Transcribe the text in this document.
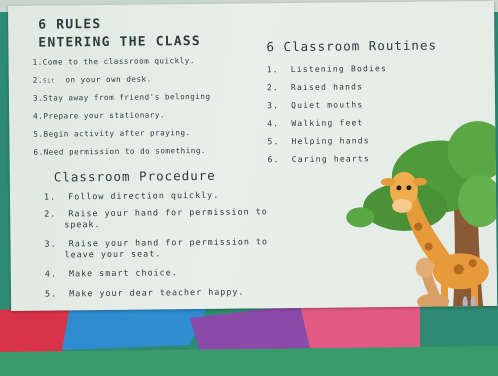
6 RULES
ENTERING THE CLASS
1.Come to the classroom quickly.
2.Sit on your own desk.
3.Stay away from friend's belonging
4.Prepare your stationary.
5.Begin activity after praying.
6.Need permission to do something.
6 Classroom Routines
1. Listening Bodies
2. Raised hands
3. Quiet mouths
4. Walking feet
5. Helping hands
6. Caring hearts
Classroom Procedure
1. Follow direction quickly.
2. Raise your hand for permission to
speak.
3. Raise your hand for permission to
leave your seat.
4. Make smart choice.
5. Make your dear teacher happy.
